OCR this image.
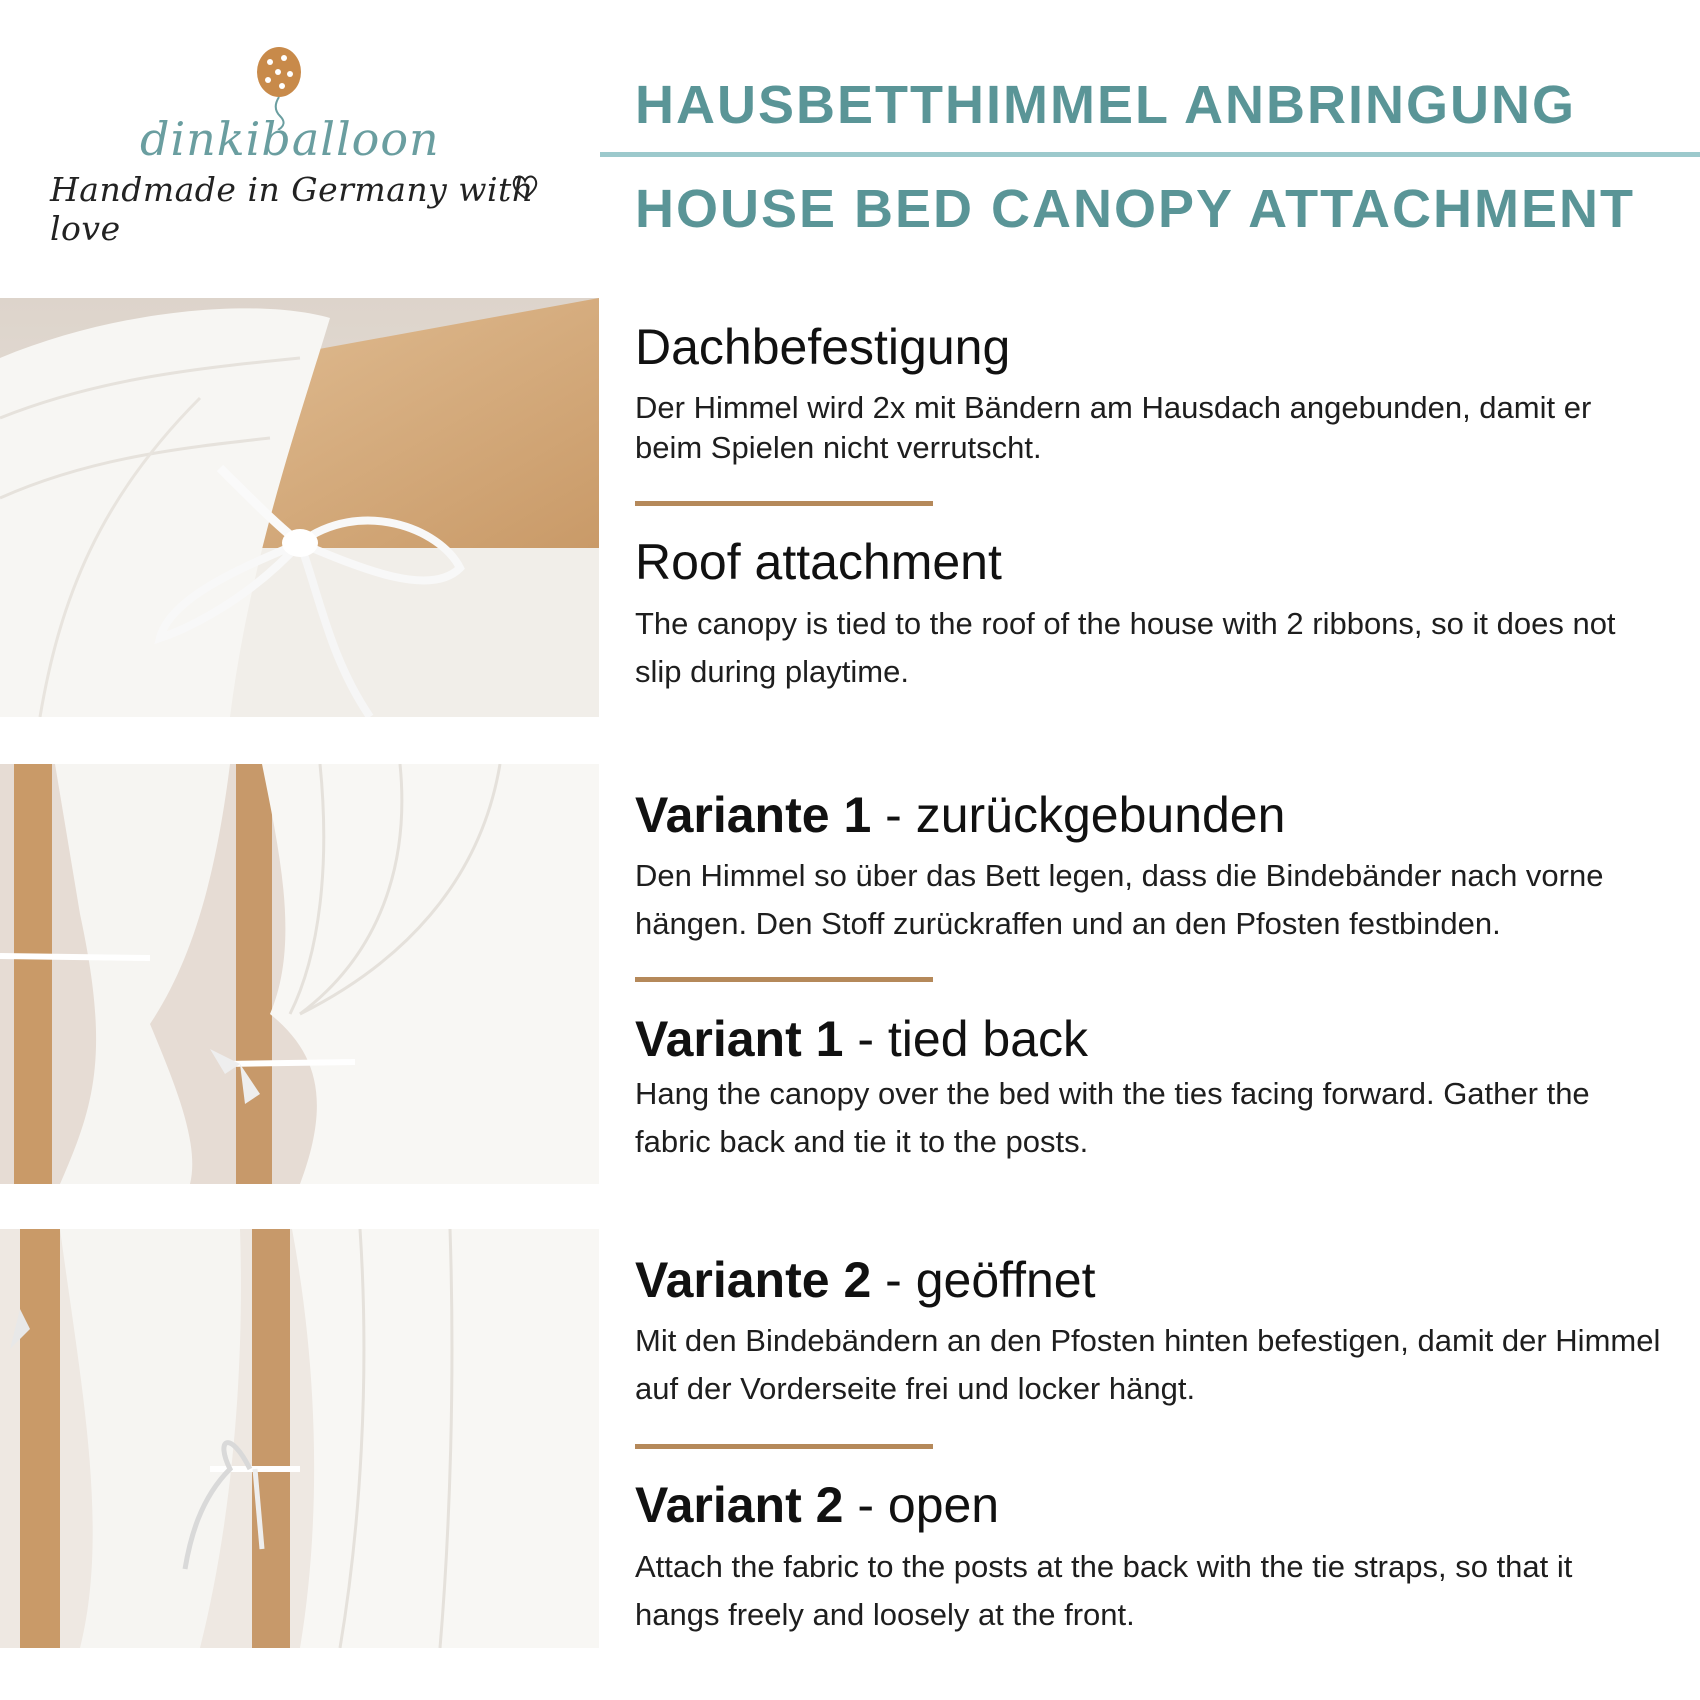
dinkiballoon
Handmade in Germany with love
HAUSBETTHIMMEL ANBRINGUNG
HOUSE BED CANOPY ATTACHMENT
Dachbefestigung
Der Himmel wird 2x mit Bändern am Hausdach angebunden, damit er beim Spielen nicht verrutscht.
Roof attachment
The canopy is tied to the roof of the house with 2 ribbons, so it does not slip during playtime.
Variante 1 - zurückgebunden
Den Himmel so über das Bett legen, dass die Bindebänder nach vorne hängen. Den Stoff zurückraffen und an den Pfosten festbinden.
Variant 1 - tied back
Hang the canopy over the bed with the ties facing forward. Gather the fabric back and tie it to the posts.
Variante 2 - geöffnet
Mit den Bindebändern an den Pfosten hinten befestigen, damit der Himmel auf der Vorderseite frei und locker hängt.
Variant 2 - open
Attach the fabric to the posts at the back with the tie straps, so that it hangs freely and loosely at the front.
